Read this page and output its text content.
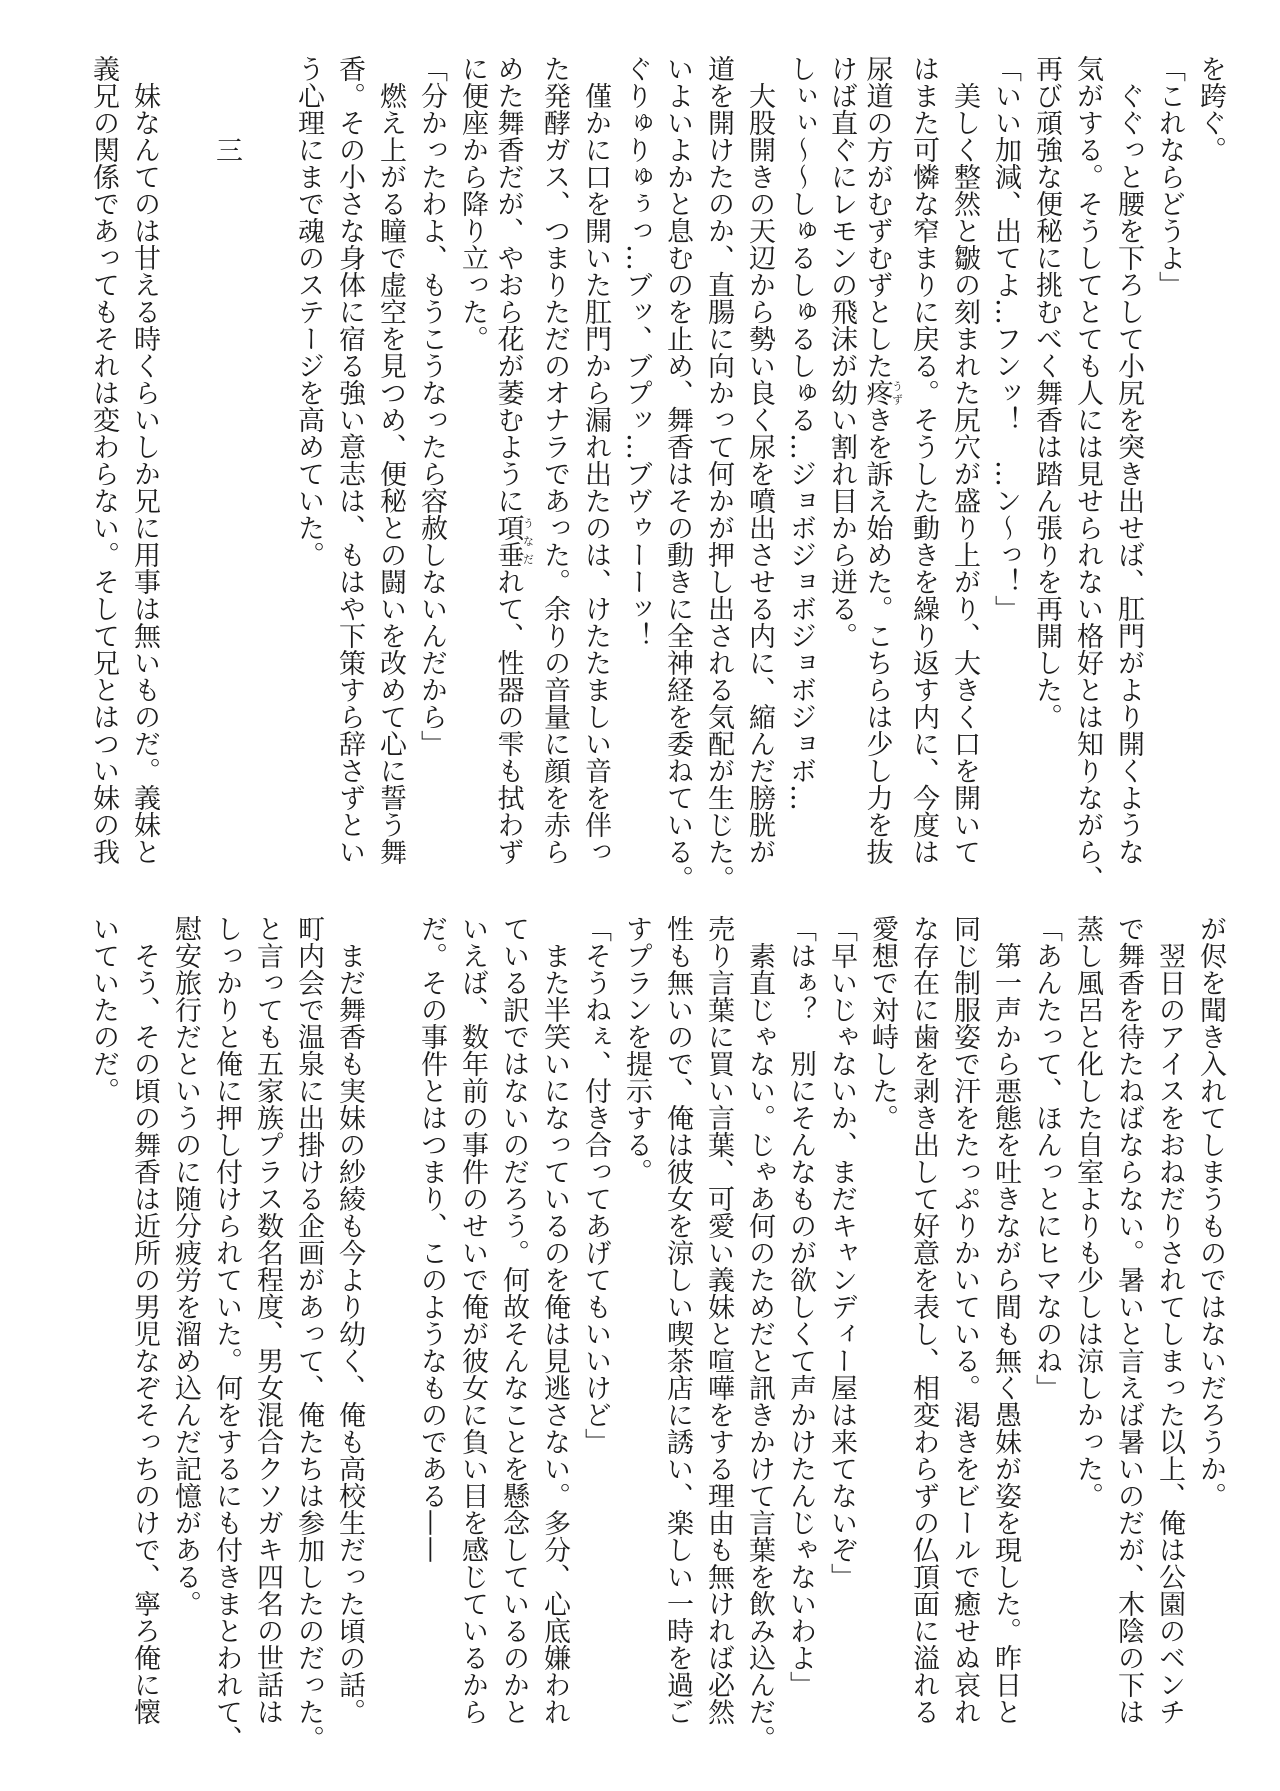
を跨ぐ。
「これならどうよ」
　ぐぐっと腰を下ろして小尻を突き出せば、肛門がより開くような
気がする。そうしてとても人には見せられない格好とは知りながら、
再び頑強な便秘に挑むべく舞香は踏ん張りを再開した。
「いい加減、出てよ…フンッ！　…ン〜っ！」
　美しく整然と皺の刻まれた尻穴が盛り上がり、大きく口を開いて
はまた可憐な窄まりに戻る。そうした動きを繰り返す内に、今度は
尿道の方がむずむずとした疼うずきを訴え始めた。こちらは少し力を抜
けば直ぐにレモンの飛沫が幼い割れ目から迸る。
しぃぃ〜〜しゅるしゅるしゅる…ジョボジョボジョボジョボ…
　大股開きの天辺から勢い良く尿を噴出させる内に、縮んだ膀胱が
道を開けたのか、直腸に向かって何かが押し出される気配が生じた。
いよいよかと息むのを止め、舞香はその動きに全神経を委ねている。
ぐりゅりゅぅっ…ブッ、ブプッ…ブヴゥーーッ！
　僅かに口を開いた肛門から漏れ出たのは、けたたましい音を伴っ
た発酵ガス、つまりただのオナラであった。余りの音量に顔を赤ら
めた舞香だが、やおら花が萎むように項垂うなだれて、性器の雫も拭わず
に便座から降り立った。
「分かったわよ、もうこうなったら容赦しないんだから」
　燃え上がる瞳で虚空を見つめ、便秘との闘いを改めて心に誓う舞
香。その小さな身体に宿る強い意志は、もはや下策すら辞さずとい
う心理にまで魂のステージを高めていた。
　　　三
　妹なんてのは甘える時くらいしか兄に用事は無いものだ。義妹と
義兄の関係であってもそれは変わらない。そして兄とはつい妹の我
が侭を聞き入れてしまうものではないだろうか。
　翌日のアイスをおねだりされてしまった以上、俺は公園のベンチ
で舞香を待たねばならない。暑いと言えば暑いのだが、木陰の下は
蒸し風呂と化した自室よりも少しは涼しかった。
「あんたって、ほんっとにヒマなのね」
　第一声から悪態を吐きながら間も無く愚妹が姿を現した。昨日と
同じ制服姿で汗をたっぷりかいている。渇きをビールで癒せぬ哀れ
な存在に歯を剥き出して好意を表し、相変わらずの仏頂面に溢れる
愛想で対峙した。
「早いじゃないか、まだキャンディー屋は来てないぞ」
「はぁ？　別にそんなものが欲しくて声かけたんじゃないわよ」
　素直じゃない。じゃあ何のためだと訊きかけて言葉を飲み込んだ。
売り言葉に買い言葉、可愛い義妹と喧嘩をする理由も無ければ必然
性も無いので、俺は彼女を涼しい喫茶店に誘い、楽しい一時を過ご
すプランを提示する。
「そうねぇ、付き合ってあげてもいいけど」
　また半笑いになっているのを俺は見逃さない。多分、心底嫌われ
ている訳ではないのだろう。何故そんなことを懸念しているのかと
いえば、数年前の事件のせいで俺が彼女に負い目を感じているから
だ。その事件とはつまり、このようなものである——
　まだ舞香も実妹の紗綾も今より幼く、俺も高校生だった頃の話。
町内会で温泉に出掛ける企画があって、俺たちは参加したのだった。
と言っても五家族プラス数名程度、男女混合クソガキ四名の世話は
しっかりと俺に押し付けられていた。何をするにも付きまとわれて、
慰安旅行だというのに随分疲労を溜め込んだ記憶がある。
　そう、その頃の舞香は近所の男児なぞそっちのけで、寧ろ俺に懐
いていたのだ。
